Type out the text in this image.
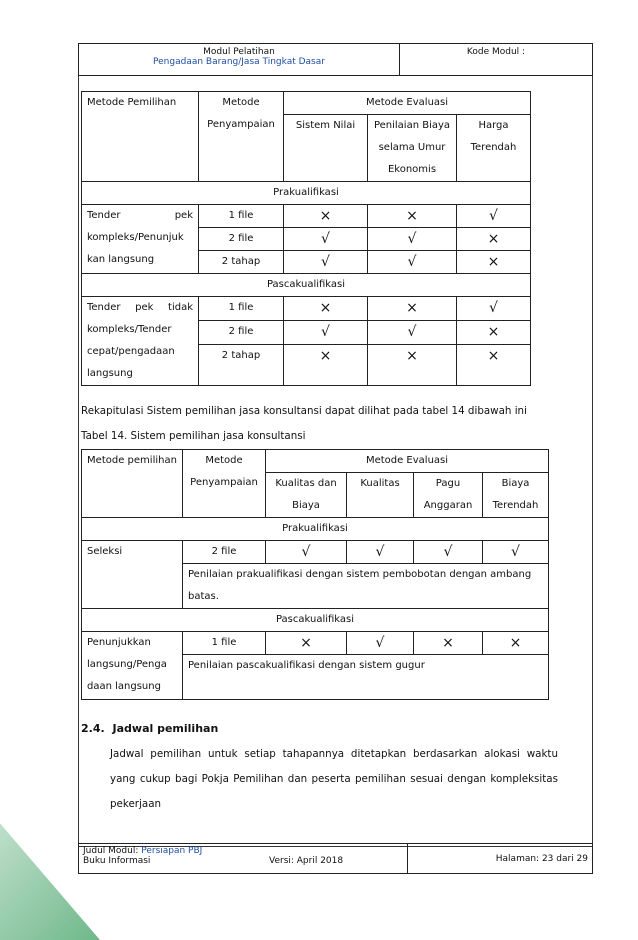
Modul Pelatihan
Pengadaan Barang/Jasa Tingkat Dasar
	Kode Modul :
Metode Pemilihan	Metode Penyampaian	Metode Evaluasi		
		Sistem Nilai	Penilaian Biaya selama Umur Ekonomis	Harga Terendah
Prakualifikasi				
Tender pek kompleks/Penunjuk kan langsung	1 file	×	×	√
	2 file	√	√	×
	2 tahap	√	√	×
Pascakualifikasi				
Tender pek tidak kompleks/Tender cepat/pengadaan langsung	1 file	×	×	√
	2 file	√	√	×
	2 tahap	×	×	×
Rekapitulasi Sistem pemilihan jasa konsultansi dapat dilihat pada tabel 14 dibawah ini
Tabel 14. Sistem pemilihan jasa konsultansi
Metode pemilihan	Metode Penyampaian	Metode Evaluasi			
		Kualitas dan Biaya	Kualitas	Pagu Anggaran	Biaya Terendah
Prakualifikasi					
Seleksi	2 file	√	√	√	√
	Penilaian prakualifikasi dengan sistem pembobotan dengan ambang batas.				
Pascakualifikasi					
Penunjukkan langsung/Penga daan langsung	1 file	×	√	×	×
	Penilaian pascakualifikasi dengan sistem gugur				
2.4. Jadwal pemilihan
Jadwal pemilihan untuk setiap tahapannya ditetapkan berdasarkan alokasi waktu yang cukup bagi Pokja Pemilihan dan peserta pemilihan sesuai dengan kompleksitas pekerjaan
Judul Modul: Persiapan PBJ
Buku Informasi	Versi: April 2018	Halaman: 23 dari 29
